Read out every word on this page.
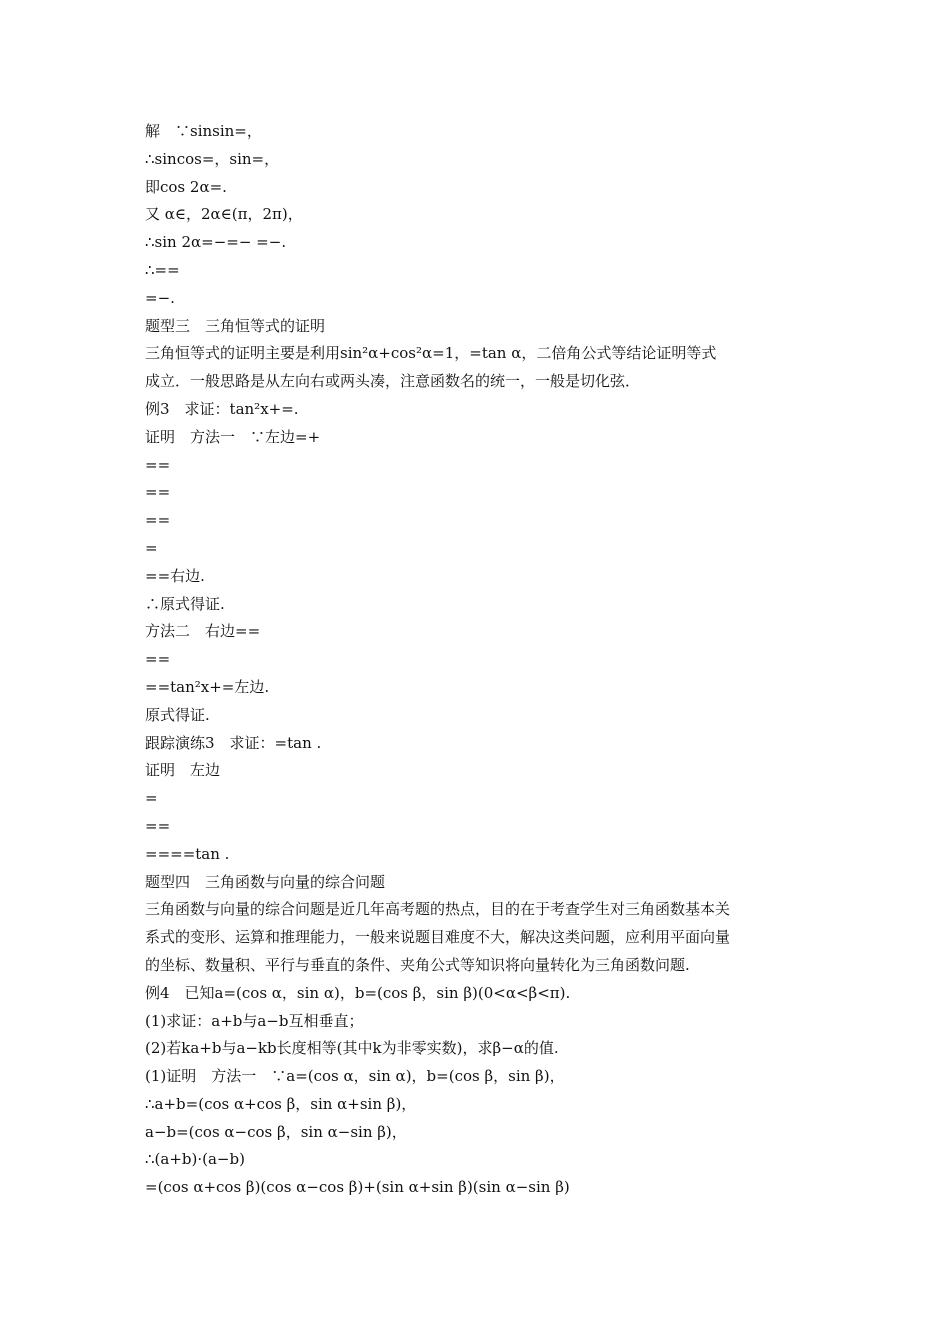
解　∵sinsin=，
∴sincos=，sin=，
即cos 2α=.
又 α∈，2α∈(π，2π)，
∴sin 2α=−=− =−.
∴==
=−.
题型三　三角恒等式的证明
三角恒等式的证明主要是利用sin²α+cos²α=1，=tan α，二倍角公式等结论证明等式
成立．一般思路是从左向右或两头凑，注意函数名的统一，一般是切化弦．
例3　求证：tan²x+=.
证明　方法一　∵左边=+
==
==
==
=
==右边.
∴原式得证.
方法二　右边==
==
==tan²x+=左边.
原式得证.
跟踪演练3　求证：=tan .
证明　左边
=
==
====tan .
题型四　三角函数与向量的综合问题
三角函数与向量的综合问题是近几年高考题的热点，目的在于考查学生对三角函数基本关
系式的变形、运算和推理能力，一般来说题目难度不大，解决这类问题，应利用平面向量
的坐标、数量积、平行与垂直的条件、夹角公式等知识将向量转化为三角函数问题.
例4　已知a=(cos α，sin α)，b=(cos β，sin β)(0<α<β<π).
(1)求证：a+b与a−b互相垂直；
(2)若ka+b与a−kb长度相等(其中k为非零实数)，求β−α的值.
(1)证明　方法一　∵a=(cos α，sin α)，b=(cos β，sin β)，
∴a+b=(cos α+cos β，sin α+sin β)，
a−b=(cos α−cos β，sin α−sin β)，
∴(a+b)·(a−b)
=(cos α+cos β)(cos α−cos β)+(sin α+sin β)(sin α−sin β)
